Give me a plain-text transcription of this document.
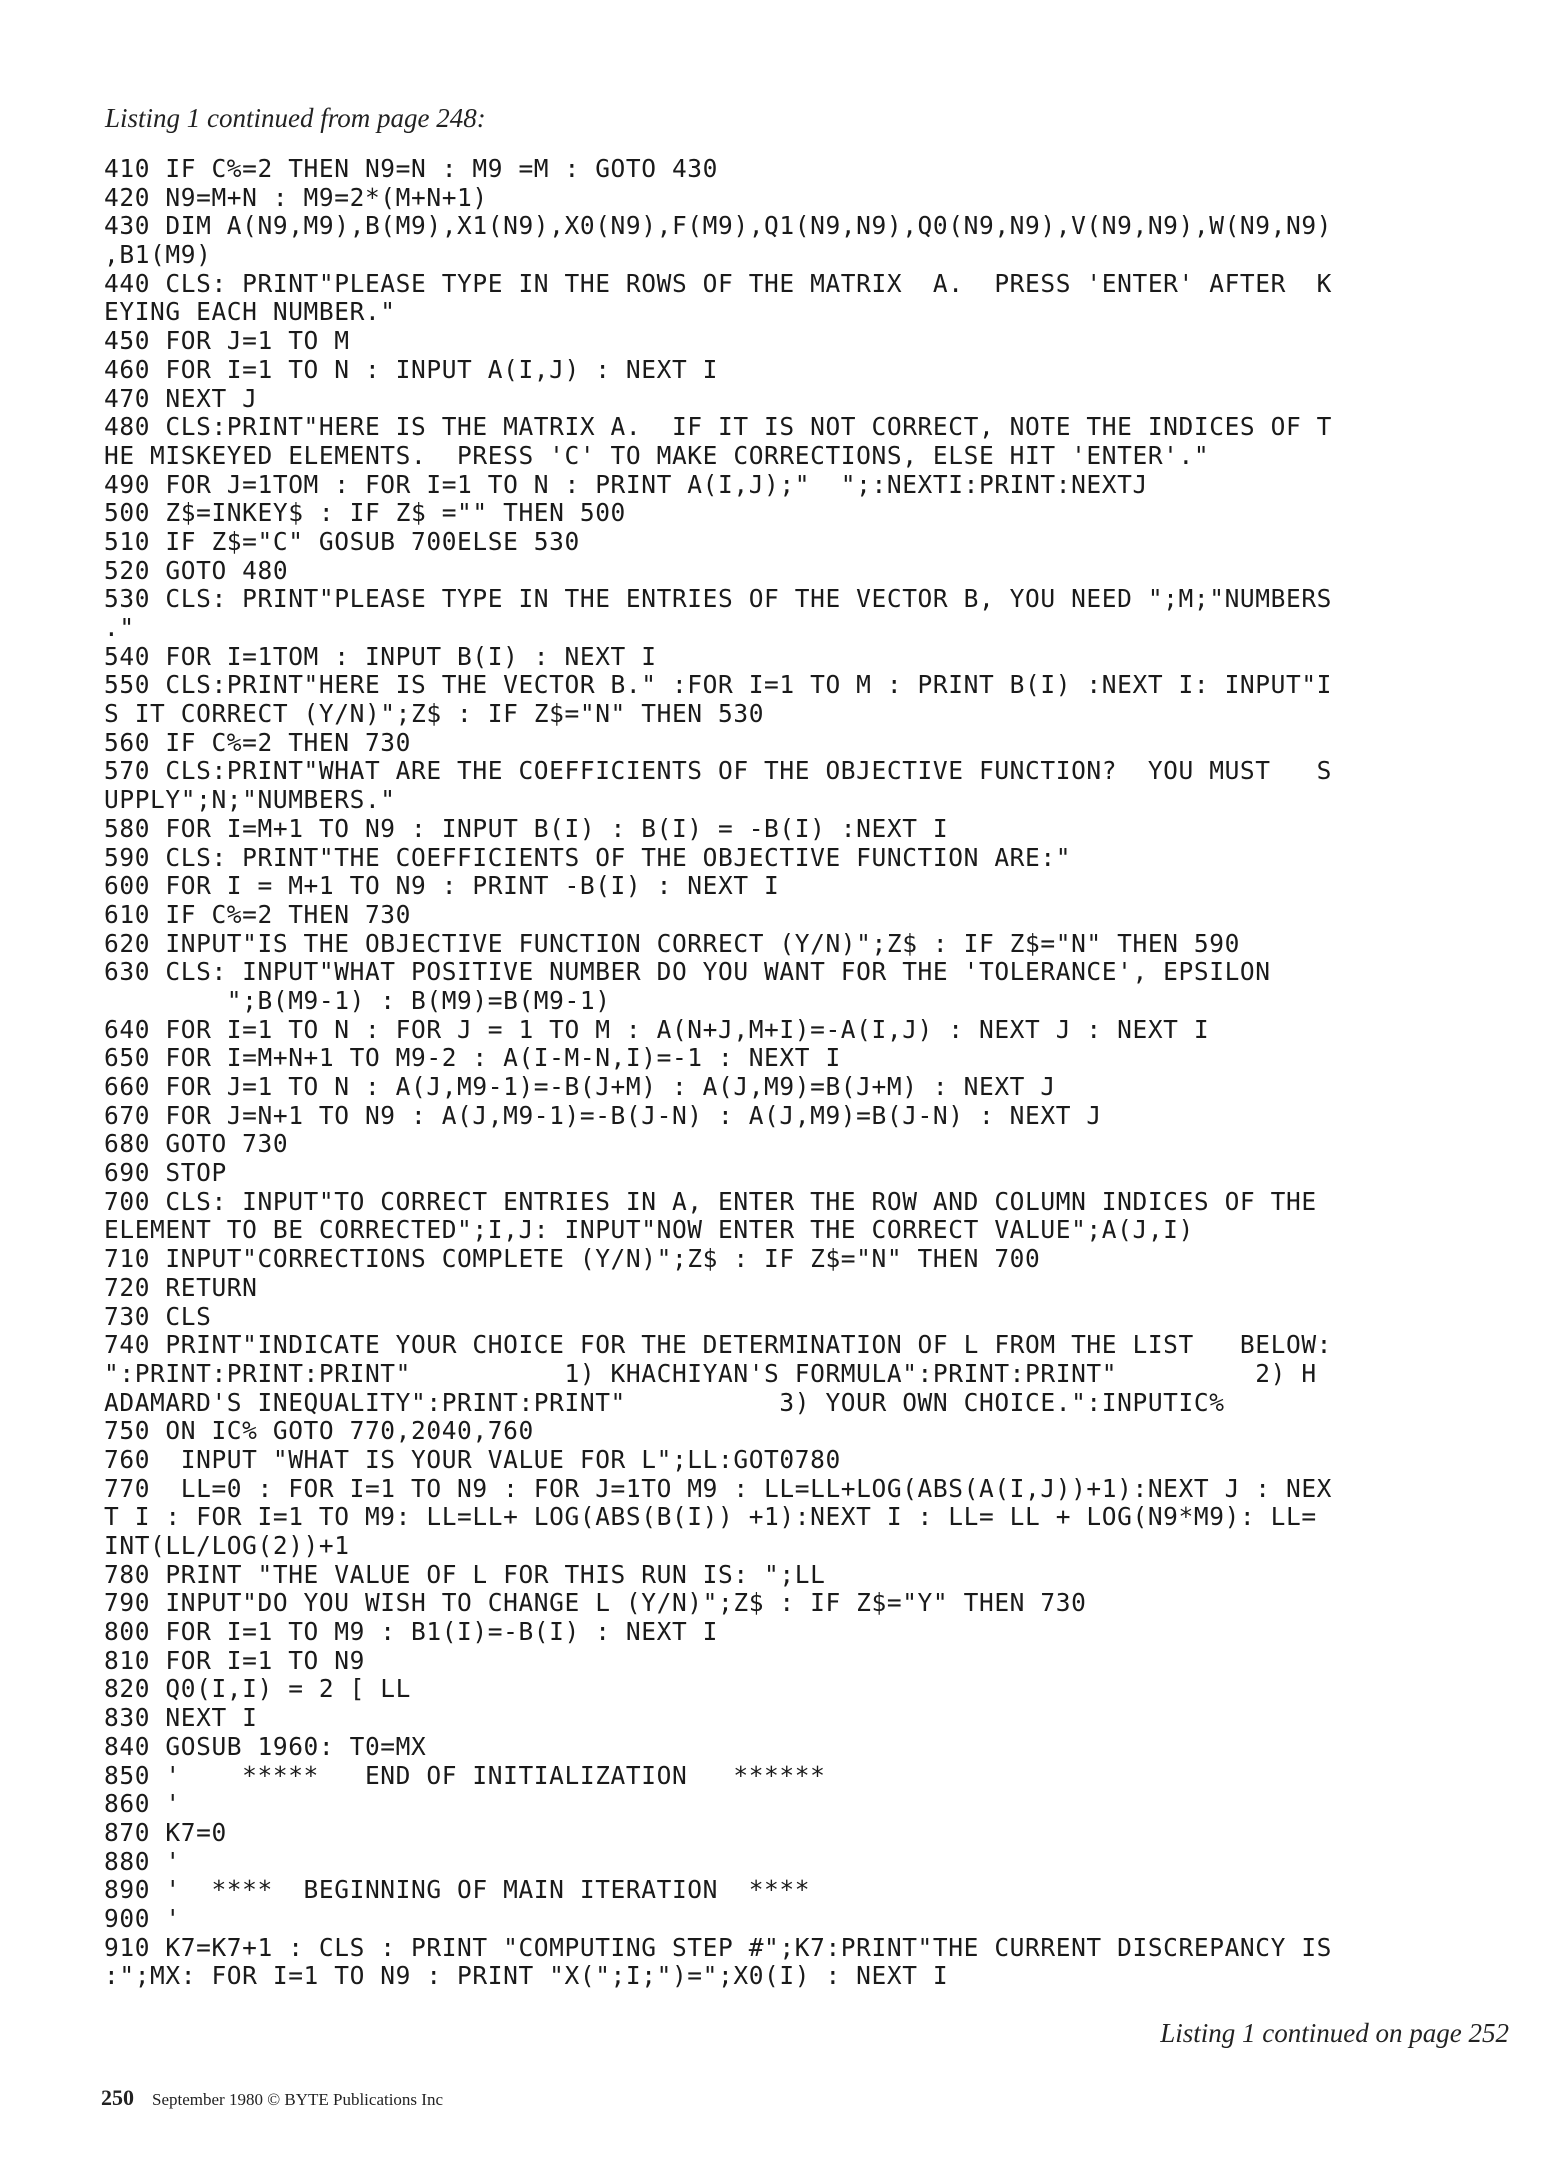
Listing 1 continued from page 248:
410 IF C%=2 THEN N9=N : M9 =M : GOTO 430
420 N9=M+N : M9=2*(M+N+1)
430 DIM A(N9,M9),B(M9),X1(N9),X0(N9),F(M9),Q1(N9,N9),Q0(N9,N9),V(N9,N9),W(N9,N9)
,B1(M9)
440 CLS: PRINT"PLEASE TYPE IN THE ROWS OF THE MATRIX  A.  PRESS 'ENTER' AFTER  K
EYING EACH NUMBER."
450 FOR J=1 TO M
460 FOR I=1 TO N : INPUT A(I,J) : NEXT I
470 NEXT J
480 CLS:PRINT"HERE IS THE MATRIX A.  IF IT IS NOT CORRECT, NOTE THE INDICES OF T
HE MISKEYED ELEMENTS.  PRESS 'C' TO MAKE CORRECTIONS, ELSE HIT 'ENTER'."
490 FOR J=1TOM : FOR I=1 TO N : PRINT A(I,J);"  ";:NEXTI:PRINT:NEXTJ
500 Z$=INKEY$ : IF Z$ ="" THEN 500
510 IF Z$="C" GOSUB 700ELSE 530
520 GOTO 480
530 CLS: PRINT"PLEASE TYPE IN THE ENTRIES OF THE VECTOR B, YOU NEED ";M;"NUMBERS
."
540 FOR I=1TOM : INPUT B(I) : NEXT I
550 CLS:PRINT"HERE IS THE VECTOR B." :FOR I=1 TO M : PRINT B(I) :NEXT I: INPUT"I
S IT CORRECT (Y/N)";Z$ : IF Z$="N" THEN 530
560 IF C%=2 THEN 730
570 CLS:PRINT"WHAT ARE THE COEFFICIENTS OF THE OBJECTIVE FUNCTION?  YOU MUST   S
UPPLY";N;"NUMBERS."
580 FOR I=M+1 TO N9 : INPUT B(I) : B(I) = -B(I) :NEXT I
590 CLS: PRINT"THE COEFFICIENTS OF THE OBJECTIVE FUNCTION ARE:"
600 FOR I = M+1 TO N9 : PRINT -B(I) : NEXT I
610 IF C%=2 THEN 730
620 INPUT"IS THE OBJECTIVE FUNCTION CORRECT (Y/N)";Z$ : IF Z$="N" THEN 590
630 CLS: INPUT"WHAT POSITIVE NUMBER DO YOU WANT FOR THE 'TOLERANCE', EPSILON
";B(M9-1) : B(M9)=B(M9-1)
640 FOR I=1 TO N : FOR J = 1 TO M : A(N+J,M+I)=-A(I,J) : NEXT J : NEXT I
650 FOR I=M+N+1 TO M9-2 : A(I-M-N,I)=-1 : NEXT I
660 FOR J=1 TO N : A(J,M9-1)=-B(J+M) : A(J,M9)=B(J+M) : NEXT J
670 FOR J=N+1 TO N9 : A(J,M9-1)=-B(J-N) : A(J,M9)=B(J-N) : NEXT J
680 GOTO 730
690 STOP
700 CLS: INPUT"TO CORRECT ENTRIES IN A, ENTER THE ROW AND COLUMN INDICES OF THE
ELEMENT TO BE CORRECTED";I,J: INPUT"NOW ENTER THE CORRECT VALUE";A(J,I)
710 INPUT"CORRECTIONS COMPLETE (Y/N)";Z$ : IF Z$="N" THEN 700
720 RETURN
730 CLS
740 PRINT"INDICATE YOUR CHOICE FOR THE DETERMINATION OF L FROM THE LIST   BELOW:
":PRINT:PRINT:PRINT"          1) KHACHIYAN'S FORMULA":PRINT:PRINT"         2) H
ADAMARD'S INEQUALITY":PRINT:PRINT"          3) YOUR OWN CHOICE.":INPUTIC%
750 ON IC% GOTO 770,2040,760
760  INPUT "WHAT IS YOUR VALUE FOR L";LL:GOT0780
770  LL=0 : FOR I=1 TO N9 : FOR J=1TO M9 : LL=LL+LOG(ABS(A(I,J))+1):NEXT J : NEX
T I : FOR I=1 TO M9: LL=LL+ LOG(ABS(B(I)) +1):NEXT I : LL= LL + LOG(N9*M9): LL=
INT(LL/LOG(2))+1
780 PRINT "THE VALUE OF L FOR THIS RUN IS: ";LL
790 INPUT"DO YOU WISH TO CHANGE L (Y/N)";Z$ : IF Z$="Y" THEN 730
800 FOR I=1 TO M9 : B1(I)=-B(I) : NEXT I
810 FOR I=1 TO N9
820 Q0(I,I) = 2 [ LL
830 NEXT I
840 GOSUB 1960: T0=MX
850 '    *****   END OF INITIALIZATION   ******
860 '
870 K7=0
880 '
890 '  ****  BEGINNING OF MAIN ITERATION  ****
900 '
910 K7=K7+1 : CLS : PRINT "COMPUTING STEP #";K7:PRINT"THE CURRENT DISCREPANCY IS
:";MX: FOR I=1 TO N9 : PRINT "X(";I;")=";X0(I) : NEXT I
Listing 1 continued on page 252
250 September 1980 © BYTE Publications Inc
